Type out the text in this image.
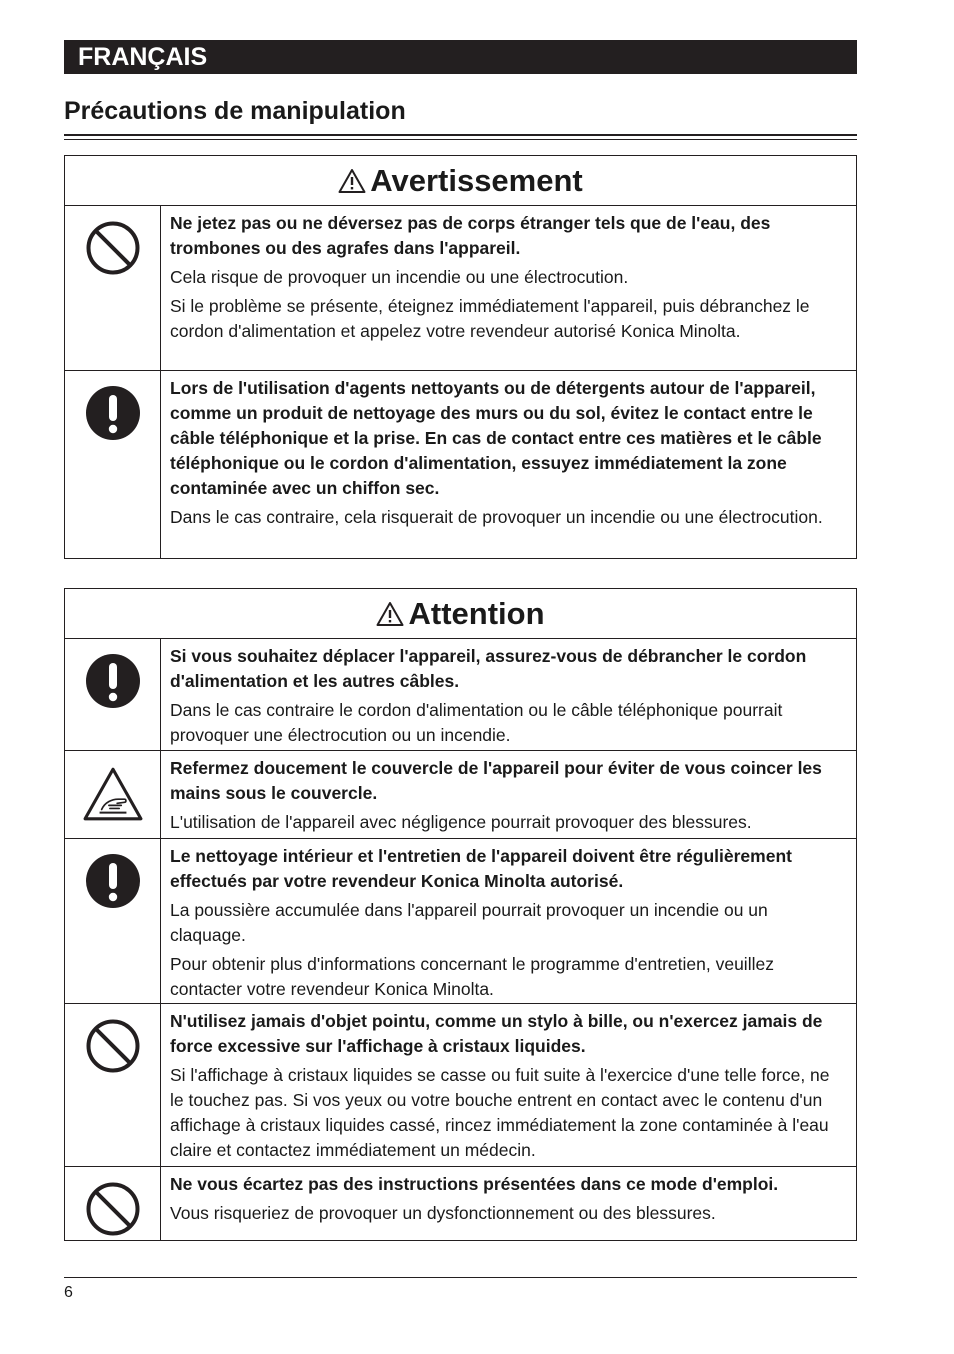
FRANÇAIS
Précautions de manipulation
Avertissement

Ne jetez pas ou ne déversez pas de corps étranger tels que de l'eau, des trombones ou des agrafes dans l'appareil.

Cela risque de provoquer un incendie ou une électrocution.

Si le problème se présente, éteignez immédiatement l'appareil, puis débranchez le cordon d'alimentation et appelez votre revendeur autorisé Konica Minolta.

Lors de l'utilisation d'agents nettoyants ou de détergents autour de l'appareil, comme un produit de nettoyage des murs ou du sol, évitez le contact entre le câble téléphonique et la prise. En cas de contact entre ces matières et le câble téléphonique ou le cordon d'alimentation, essuyez immédiatement la zone contaminée avec un chiffon sec.

Dans le cas contraire, cela risquerait de provoquer un incendie ou une électrocution.

Attention

Si vous souhaitez déplacer l'appareil, assurez-vous de débrancher le cordon d'alimentation et les autres câbles.

Dans le cas contraire le cordon d'alimentation ou le câble téléphonique pourrait provoquer une électrocution ou un incendie.

Refermez doucement le couvercle de l'appareil pour éviter de vous coincer les mains sous le couvercle.

L'utilisation de l'appareil avec négligence pourrait provoquer des blessures.

Le nettoyage intérieur et l'entretien de l'appareil doivent être régulièrement effectués par votre revendeur Konica Minolta autorisé.

La poussière accumulée dans l'appareil pourrait provoquer un incendie ou un claquage.

Pour obtenir plus d'informations concernant le programme d'entretien, veuillez contacter votre revendeur Konica Minolta.

N'utilisez jamais d'objet pointu, comme un stylo à bille, ou n'exercez jamais de force excessive sur l'affichage à cristaux liquides.

Si l'affichage à cristaux liquides se casse ou fuit suite à l'exercice d'une telle force, ne le touchez pas. Si vos yeux ou votre bouche entrent en contact avec le contenu d'un affichage à cristaux liquides cassé, rincez immédiatement la zone contaminée à l'eau claire et contactez immédiatement un médecin.

Ne vous écartez pas des instructions présentées dans ce mode d'emploi.

Vous risqueriez de provoquer un dysfonctionnement ou des blessures.

6
